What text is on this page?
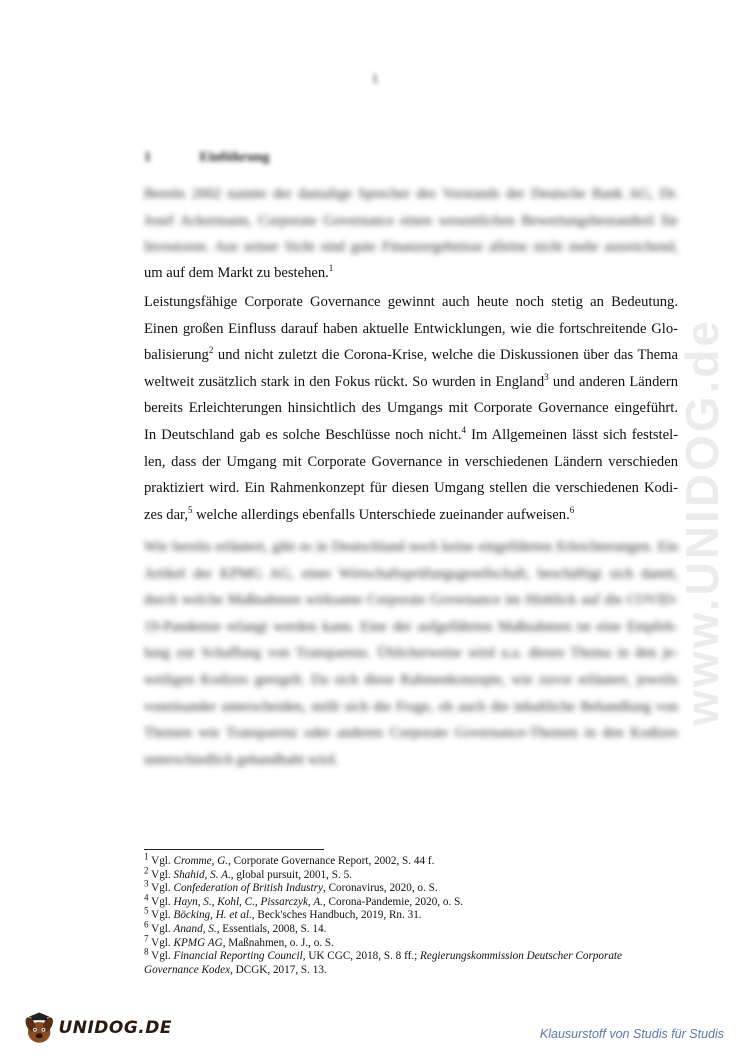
www.UNIDOG.de
1
1	Einführung
Bereits 2002 nannte der damalige Sprecher des Vorstands der Deutsche Bank AG, Dr.
Josef Ackermann, Corporate Governance einen wesentlichen Bewertungsbestandteil für
Investoren. Aus seiner Sicht sind gute Finanzergebnisse alleine nicht mehr ausreichend,
um auf dem Markt zu bestehen.$^1$
Leistungsfähige Corporate Governance gewinnt auch heute noch stetig an Bedeutung.
Einen großen Einfluss darauf haben aktuelle Entwicklungen, wie die fortschreitende Glo-
balisierung$^2$ und nicht zuletzt die Corona-Krise, welche die Diskussionen über das Thema
weltweit zusätzlich stark in den Fokus rückt. So wurden in England$^3$ und anderen Ländern
bereits Erleichterungen hinsichtlich des Umgangs mit Corporate Governance eingeführt.
In Deutschland gab es solche Beschlüsse noch nicht.$^4$ Im Allgemeinen lässt sich feststel-
len, dass der Umgang mit Corporate Governance in verschiedenen Ländern verschieden
praktiziert wird. Ein Rahmenkonzept für diesen Umgang stellen die verschiedenen Kodi-
zes dar,$^5$ welche allerdings ebenfalls Unterschiede zueinander aufweisen.$^6$
Wie bereits erläutert, gibt es in Deutschland noch keine eingeführten Erleichterungen. Ein
Artikel der KPMG AG, einer Wirtschaftsprüfungsgesellschaft, beschäftigt sich damit,
durch welche Maßnahmen wirksame Corporate Governance im Hinblick auf die COVID-
19-Pandemie erlangt werden kann. Eine der aufgeführten Maßnahmen ist eine Empfeh-
lung zur Schaffung von Transparenz. Üblicherweise wird u.a. dieses Thema in den je-
weiligen Kodizes geregelt. Da sich diese Rahmenkonzepte, wie zuvor erläutert, jeweils
voneinander unterscheiden, stellt sich die Frage, ob auch die inhaltliche Behandlung von
Themen wie Transparenz oder anderen Corporate Governance-Themen in den Kodizes
unterschiedlich gehandhabt wird.

$^1$ Vgl. Cromme, G., Corporate Governance Report, 2002, S. 44 f.

$^2$ Vgl. Shahid, S. A., global pursuit, 2001, S. 5.

$^3$ Vgl. Confederation of British Industry, Coronavirus, 2020, o. S.

$^4$ Vgl. Hayn, S., Kohl, C., Pissarczyk, A., Corona-Pandemie, 2020, o. S.

$^5$ Vgl. Böcking, H. et al., Beck'sches Handbuch, 2019, Rn. 31.

$^6$ Vgl. Anand, S., Essentials, 2008, S. 14.

$^7$ Vgl. KPMG AG, Maßnahmen, o. J., o. S.

$^8$ Vgl. Financial Reporting Council, UK CGC, 2018, S. 8 ff.; Regierungskommission Deutscher Corporate Governance Kodex, DCGK, 2017, S. 13.

UNIDOG.DE	Klausurstoff von Studis für Studis
